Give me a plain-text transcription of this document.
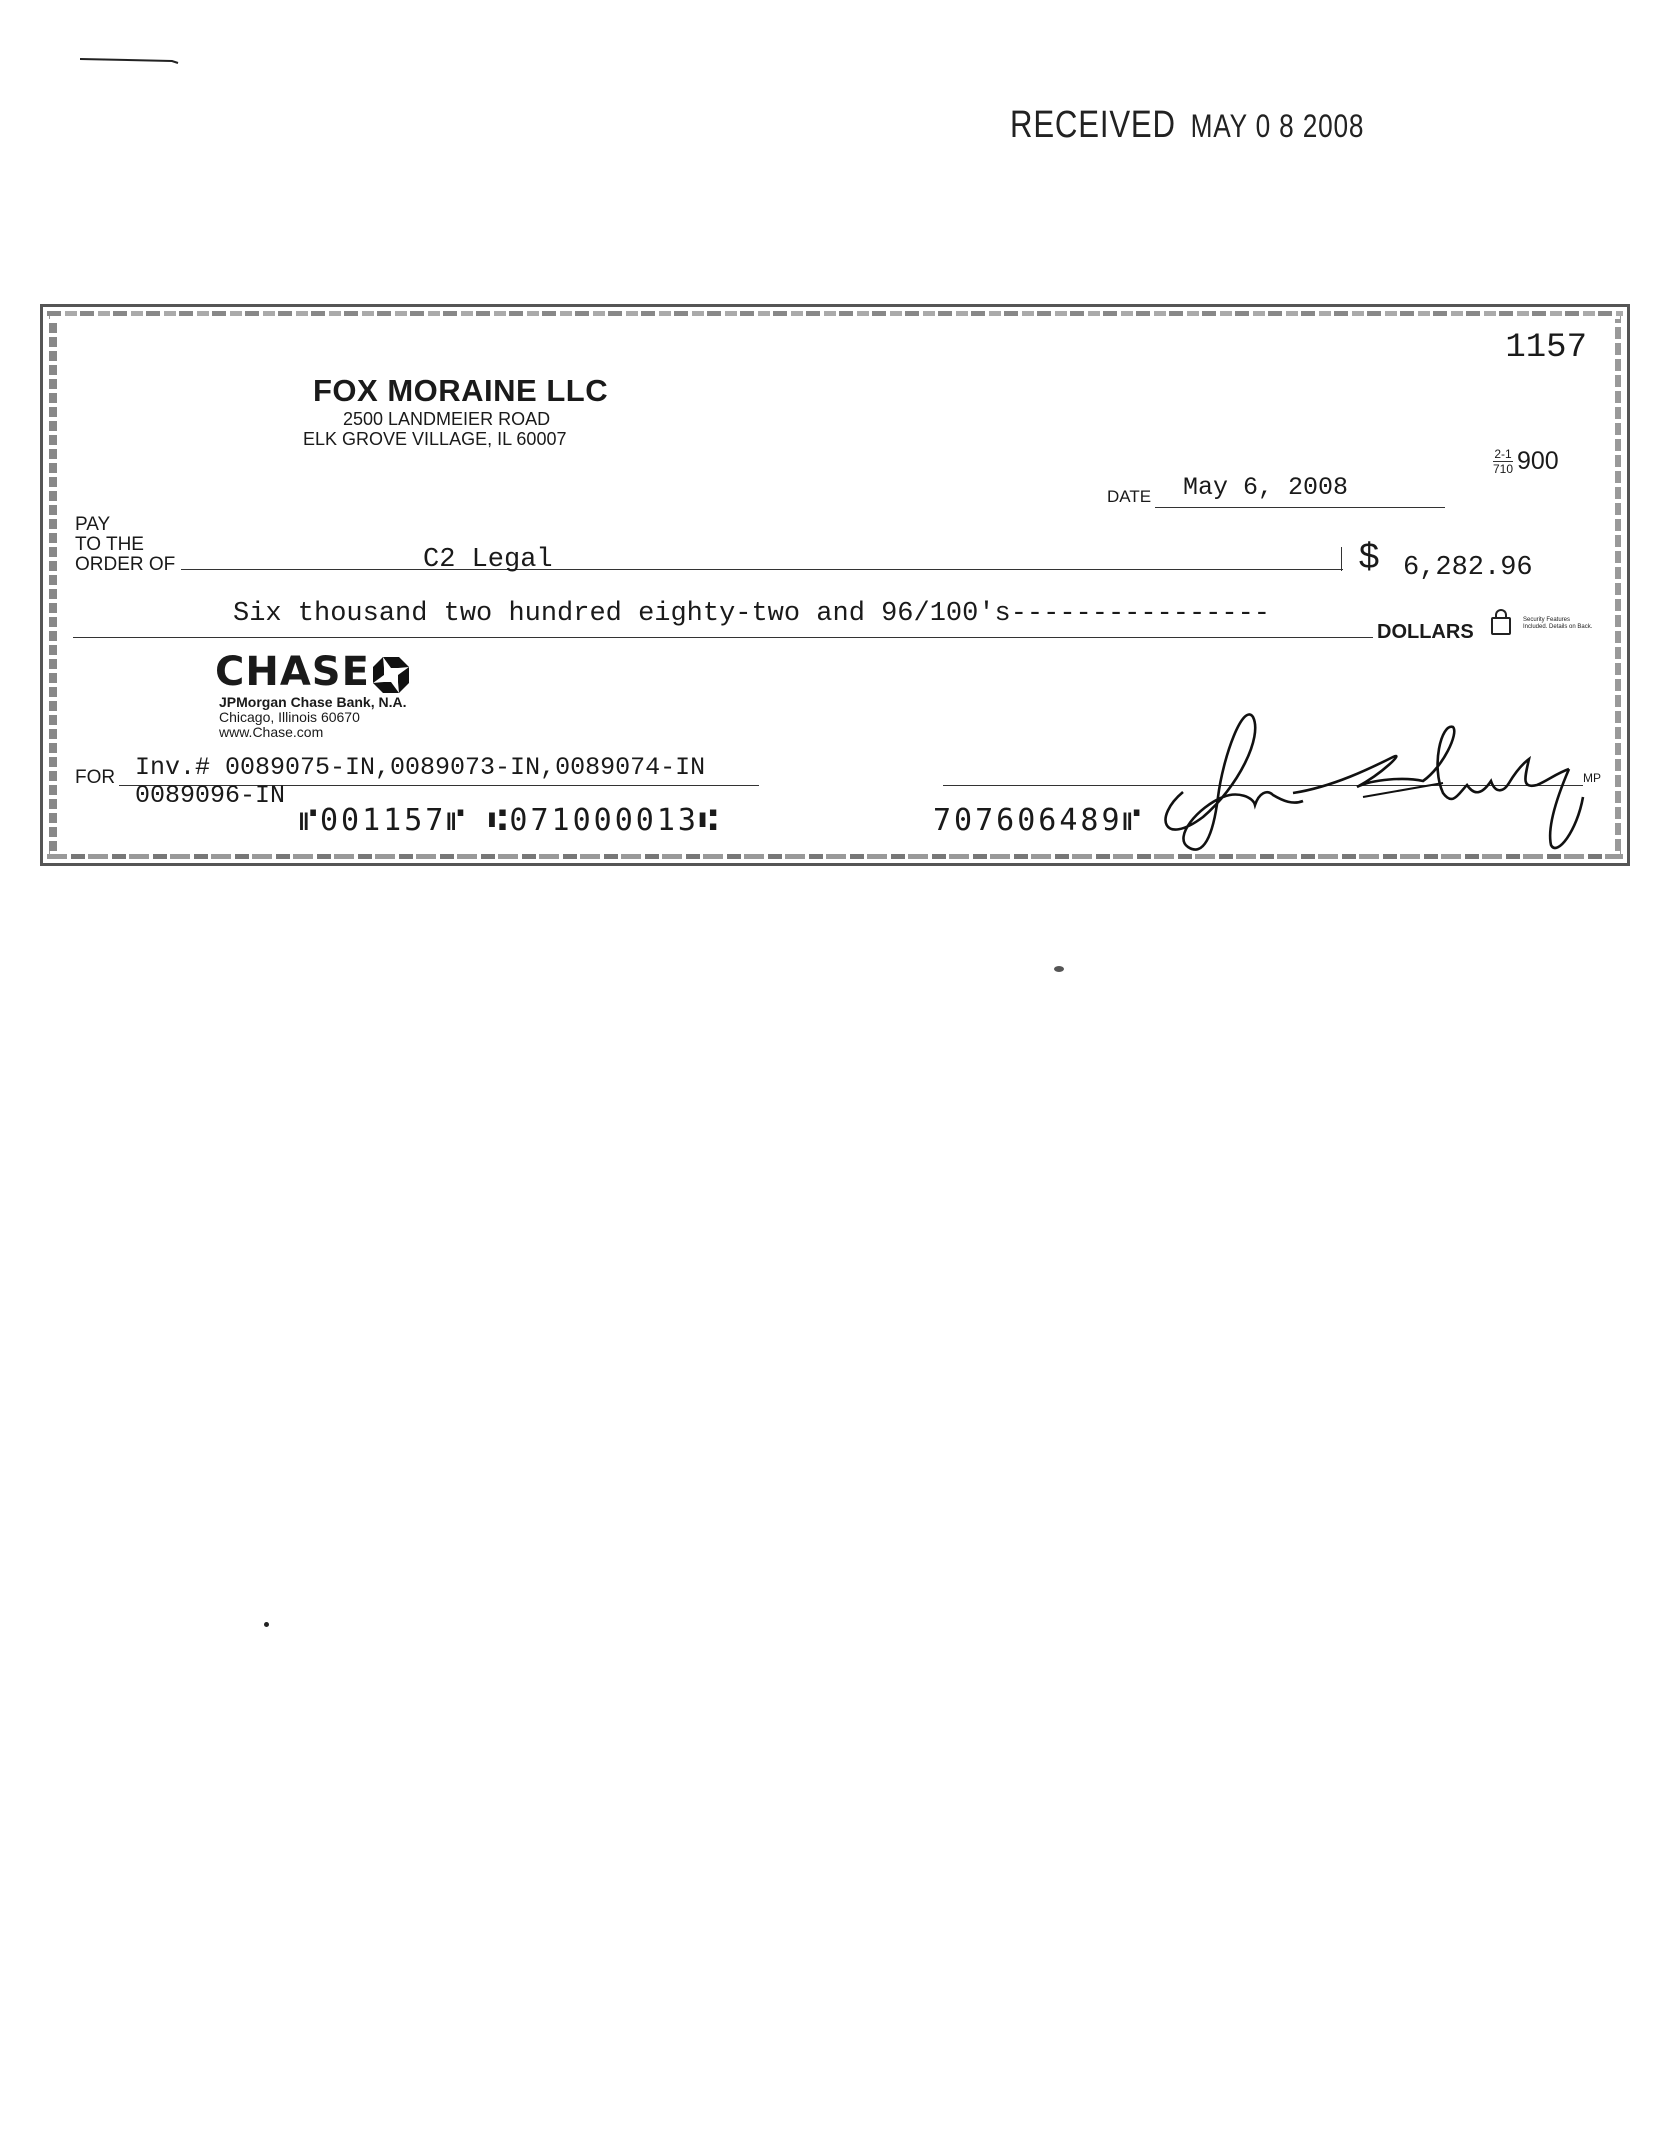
RECEIVED MAY 0 8 2008
1157
FOX MORAINE LLC
2500 LANDMEIER ROAD
ELK GROVE VILLAGE, IL 60007
$\frac{2-1}{710} 900$
DATE May 6, 2008
PAY
TO THE
ORDER OF	C2 Legal	$ 6,282.96
Six thousand two hundred eighty-two and 96/100's----------------
DOLLARS
Security Features Included. Details on Back.
CHASE
JPMorgan Chase Bank, N.A.
Chicago, Illinois 60670
www.Chase.com
FOR Inv.# 0089075-IN,0089073-IN,0089074-IN
0089096-IN
MP
⑈001157⑈ ⑆071000013⑆	707606489⑈
